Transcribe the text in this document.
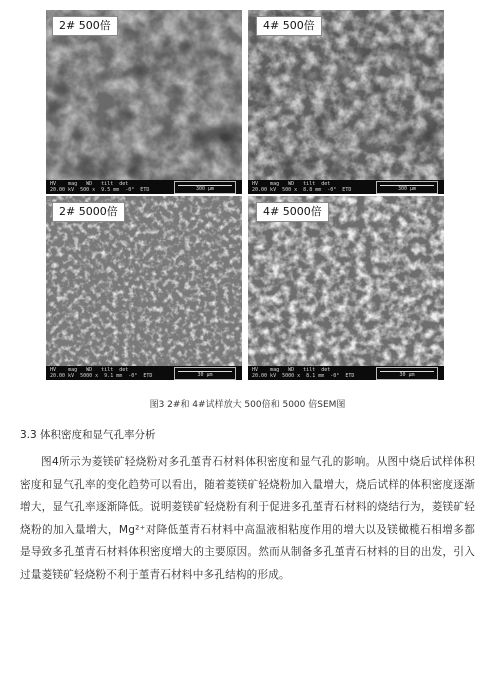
2# 500倍
HV    mag   WD   tilt  det
20.00 kV  500 x  9.5 mm  -0°  ETD	300 μm
4# 500倍
HV    mag   WD   tilt  det
20.00 kV  500 x  8.8 mm  -0°  ETD	300 μm
2# 5000倍
HV    mag   WD   tilt  det
20.00 kV  5000 x  9.1 mm  -0°  ETD	30 μm
4# 5000倍
HV    mag   WD   tilt  det
20.00 kV  5000 x  8.1 mm  -0°  ETD	30 μm
图3 2#和 4#试样放大 500倍和 5000 倍SEM图
3.3 体积密度和显气孔率分析

图4所示为菱镁矿轻烧粉对多孔堇青石材料体积密度和显气孔的影响。从图中烧后试样体积密度和显气孔率的变化趋势可以看出，随着菱镁矿轻烧粉加入量增大，烧后试样的体积密度逐渐增大，显气孔率逐渐降低。说明菱镁矿轻烧粉有利于促进多孔堇青石材料的烧结行为，菱镁矿轻烧粉的加入量增大，Mg²⁺对降低堇青石材料中高温液相粘度作用的增大以及镁橄榄石相增多都是导致多孔堇青石材料体积密度增大的主要原因。然而从制备多孔堇青石材料的目的出发，引入过量菱镁矿轻烧粉不利于堇青石材料中多孔结构的形成。
